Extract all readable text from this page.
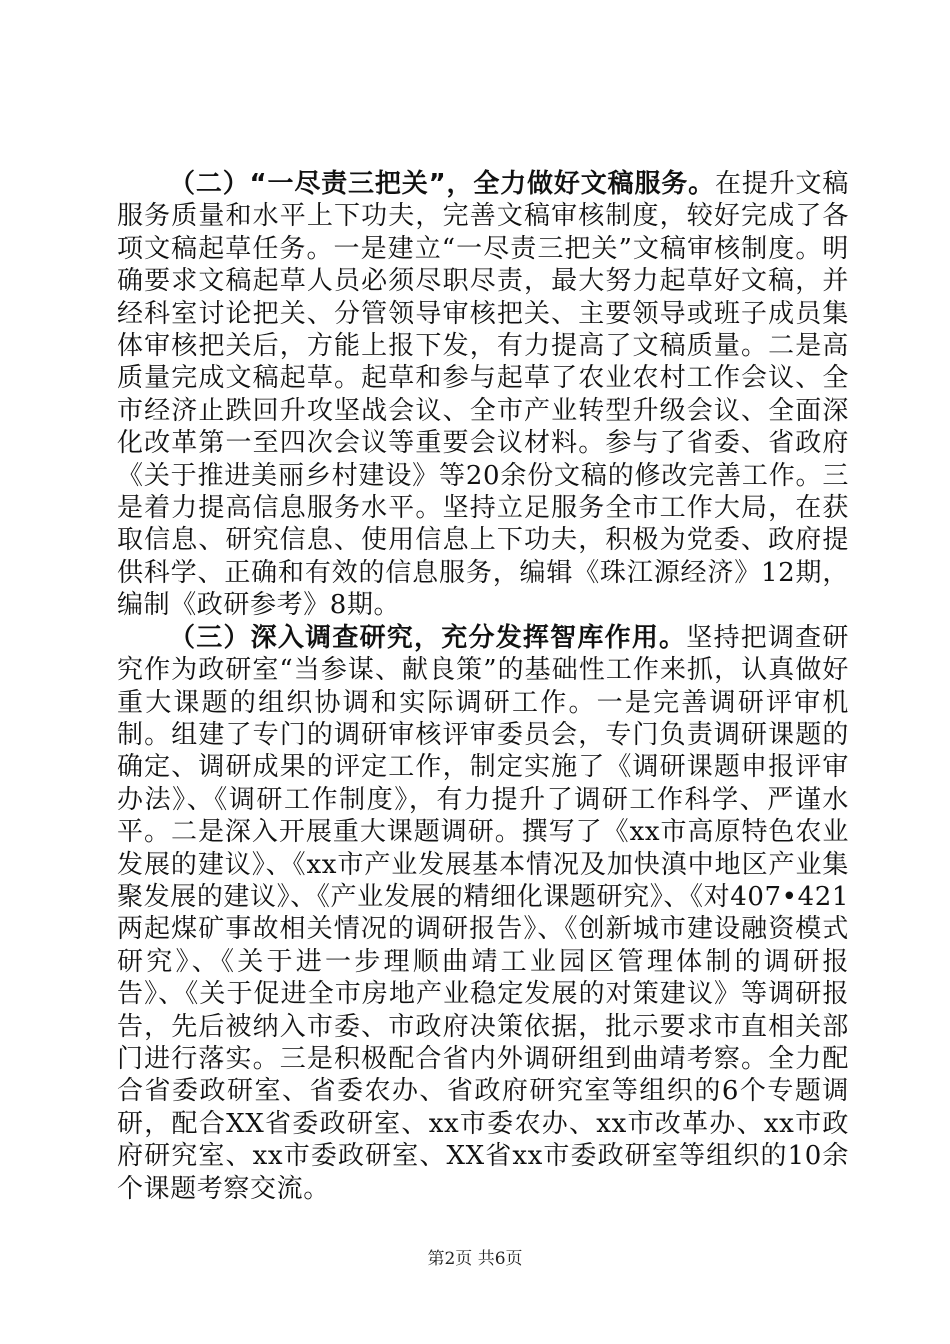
（二）“一尽责三把关”，全力做好文稿服务。在提升文稿服务质量和水平上下功夫，完善文稿审核制度，较好完成了各项文稿起草任务。一是建立“一尽责三把关”文稿审核制度。明确要求文稿起草人员必须尽职尽责，最大努力起草好文稿，并经科室讨论把关、分管领导审核把关、主要领导或班子成员集体审核把关后，方能上报下发，有力提高了文稿质量。二是高质量完成文稿起草。起草和参与起草了农业农村工作会议、全市经济止跌回升攻坚战会议、全市产业转型升级会议、全面深化改革第一至四次会议等重要会议材料。参与了省委、省政府《关于推进美丽乡村建设》等20余份文稿的修改完善工作。三是着力提高信息服务水平。坚持立足服务全市工作大局，在获取信息、研究信息、使用信息上下功夫，积极为党委、政府提供科学、正确和有效的信息服务，编辑《珠江源经济》12期，编制《政研参考》8期。

（三）深入调查研究，充分发挥智库作用。坚持把调查研究作为政研室“当参谋、献良策”的基础性工作来抓，认真做好重大课题的组织协调和实际调研工作。一是完善调研评审机制。组建了专门的调研审核评审委员会，专门负责调研课题的确定、调研成果的评定工作，制定实施了《调研课题申报评审办法》、《调研工作制度》，有力提升了调研工作科学、严谨水平。二是深入开展重大课题调研。撰写了《xx市高原特色农业发展的建议》、《xx市产业发展基本情况及加快滇中地区产业集聚发展的建议》、《产业发展的精细化课题研究》、《对407•421两起煤矿事故相关情况的调研报告》、《创新城市建设融资模式研究》、《关于进一步理顺曲靖工业园区管理体制的调研报告》、《关于促进全市房地产业稳定发展的对策建议》等调研报告，先后被纳入市委、市政府决策依据，批示要求市直相关部门进行落实。三是积极配合省内外调研组到曲靖考察。全力配合省委政研室、省委农办、省政府研究室等组织的6个专题调研，配合XX省委政研室、xx市委农办、xx市改革办、xx市政府研究室、xx市委政研室、XX省xx市委政研室等组织的10余个课题考察交流。

第2页 共6页
